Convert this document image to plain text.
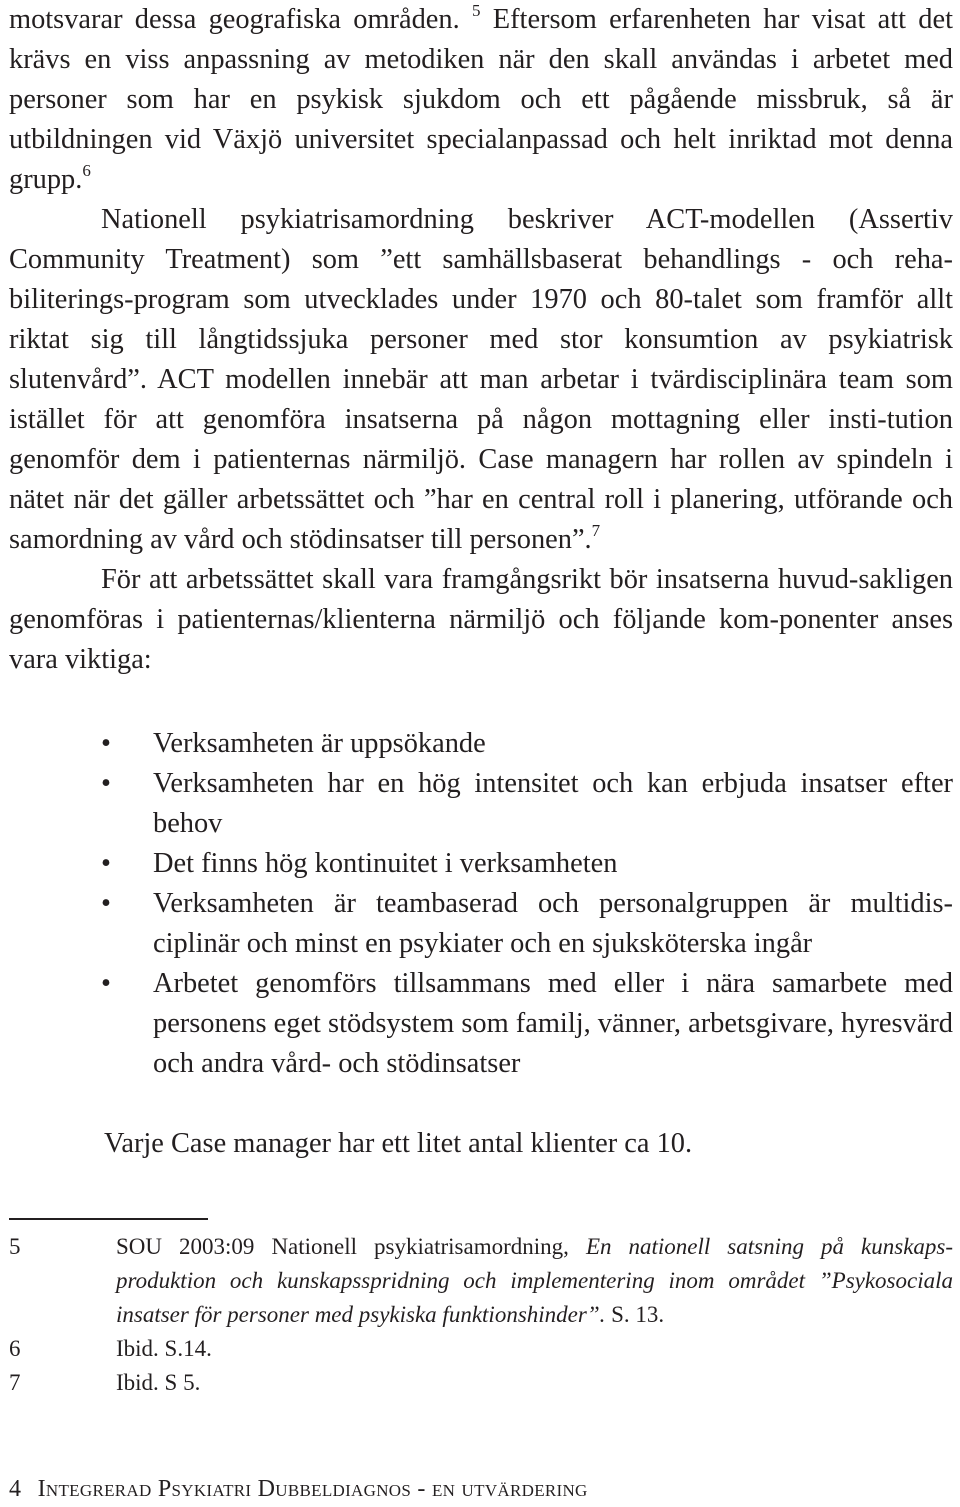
motsvarar dessa geografiska områden. $^5$ Eftersom erfarenheten har visat att det krävs en viss anpassning av metodiken när den skall användas i arbetet med personer som har en psykisk sjukdom och ett pågående missbruk, så är utbildningen vid Växjö universitet specialanpassad och helt inriktad mot denna grupp.$^6$

Nationell psykiatrisamordning beskriver ACT-modellen (Assertiv Community Treatment) som ”ett samhällsbaserat behandlings - och reha-biliterings-program som utvecklades under 1970 och 80-talet som framför allt riktat sig till långtidssjuka personer med stor konsumtion av psykiatrisk slutenvård”. ACT modellen innebär att man arbetar i tvärdisciplinära team som istället för att genomföra insatserna på någon mottagning eller insti-tution genomför dem i patienternas närmiljö. Case managern har rollen av spindeln i nätet när det gäller arbetssättet och ”har en central roll i planering, utförande och samordning av vård och stödinsatser till personen”.$^7$

För att arbetssättet skall vara framgångsrikt bör insatserna huvud-sakligen genomföras i patienternas/klienterna närmiljö och följande kom-ponenter anses vara viktiga:

• Verksamheten är uppsökande
• Verksamheten har en hög intensitet och kan erbjuda insatser efter behov
• Det finns hög kontinuitet i verksamheten
• Verksamheten är teambaserad och personalgruppen är multidis-ciplinär och minst en psykiater och en sjuksköterska ingår
• Arbetet genomförs tillsammans med eller i nära samarbete med personens eget stödsystem som familj, vänner, arbetsgivare, hyresvärd och andra vård- och stödinsatser
Varje Case manager har ett litet antal klienter ca 10.
5	SOU 2003:09 Nationell psykiatrisamordning, En nationell satsning på kunskaps-produktion och kunskapsspridning och implementering inom området ”Psykosociala insatser för personer med psykiska funktionshinder”. S. 13.
6	Ibid. S.14.
7	Ibid. S 5.
4 Integrerad Psykiatri Dubbeldiagnos - en utvärdering
